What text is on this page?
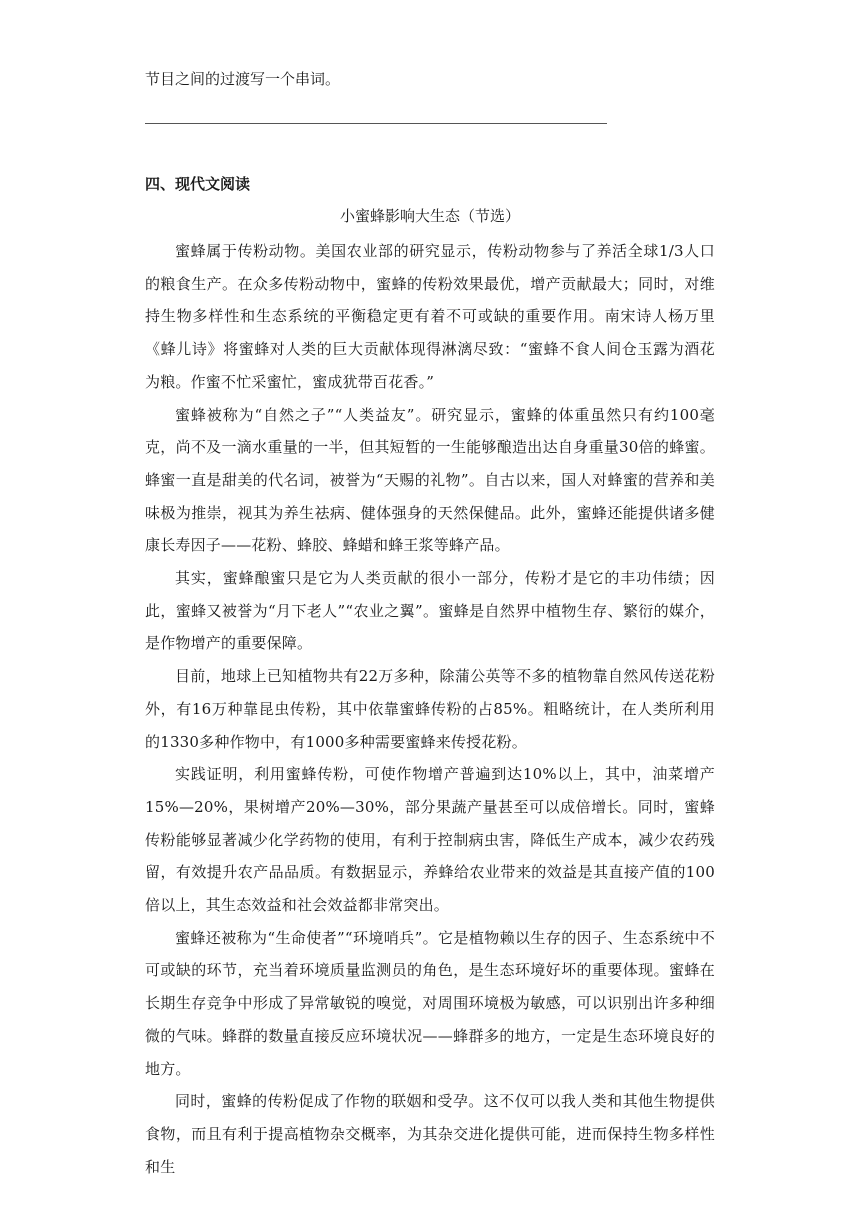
节目之间的过渡写一个串词。
四、现代文阅读
小蜜蜂影响大生态（节选）

蜜蜂属于传粉动物。美国农业部的研究显示，传粉动物参与了养活全球1/3人口的粮食生产。在众多传粉动物中，蜜蜂的传粉效果最优，增产贡献最大；同时，对维持生物多样性和生态系统的平衡稳定更有着不可或缺的重要作用。南宋诗人杨万里《蜂儿诗》将蜜蜂对人类的巨大贡献体现得淋漓尽致：“蜜蜂不食人间仓玉露为酒花为粮。作蜜不忙采蜜忙，蜜成犹带百花香。”

蜜蜂被称为“自然之子”“人类益友”。研究显示，蜜蜂的体重虽然只有约100毫克，尚不及一滴水重量的一半，但其短暂的一生能够酿造出达自身重量30倍的蜂蜜。蜂蜜一直是甜美的代名词，被誉为“天赐的礼物”。自古以来，国人对蜂蜜的营养和美味极为推崇，视其为养生祛病、健体强身的天然保健品。此外，蜜蜂还能提供诸多健康长寿因子——花粉、蜂胶、蜂蜡和蜂王浆等蜂产品。

其实，蜜蜂酿蜜只是它为人类贡献的很小一部分，传粉才是它的丰功伟绩；因此，蜜蜂又被誉为“月下老人”“农业之翼”。蜜蜂是自然界中植物生存、繁衍的媒介，是作物增产的重要保障。

目前，地球上已知植物共有22万多种，除蒲公英等不多的植物靠自然风传送花粉外，有16万种靠昆虫传粉，其中依靠蜜蜂传粉的占85%。粗略统计，在人类所利用的1330多种作物中，有1000多种需要蜜蜂来传授花粉。

实践证明，利用蜜蜂传粉，可使作物增产普遍到达10%以上，其中，油菜增产15%—20%，果树增产20%—30%，部分果蔬产量甚至可以成倍增长。同时，蜜蜂传粉能够显著减少化学药物的使用，有利于控制病虫害，降低生产成本，减少农药残留，有效提升农产品品质。有数据显示，养蜂给农业带来的效益是其直接产值的100倍以上，其生态效益和社会效益都非常突出。

蜜蜂还被称为“生命使者”“环境哨兵”。它是植物赖以生存的因子、生态系统中不可或缺的环节，充当着环境质量监测员的角色，是生态环境好坏的重要体现。蜜蜂在长期生存竞争中形成了异常敏锐的嗅觉，对周围环境极为敏感，可以识别出许多种细微的气味。蜂群的数量直接反应环境状况——蜂群多的地方，一定是生态环境良好的地方。

同时，蜜蜂的传粉促成了作物的联姻和受孕。这不仅可以我人类和其他生物提供食物，而且有利于提高植物杂交概率，为其杂交进化提供可能，进而保持生物多样性和生
